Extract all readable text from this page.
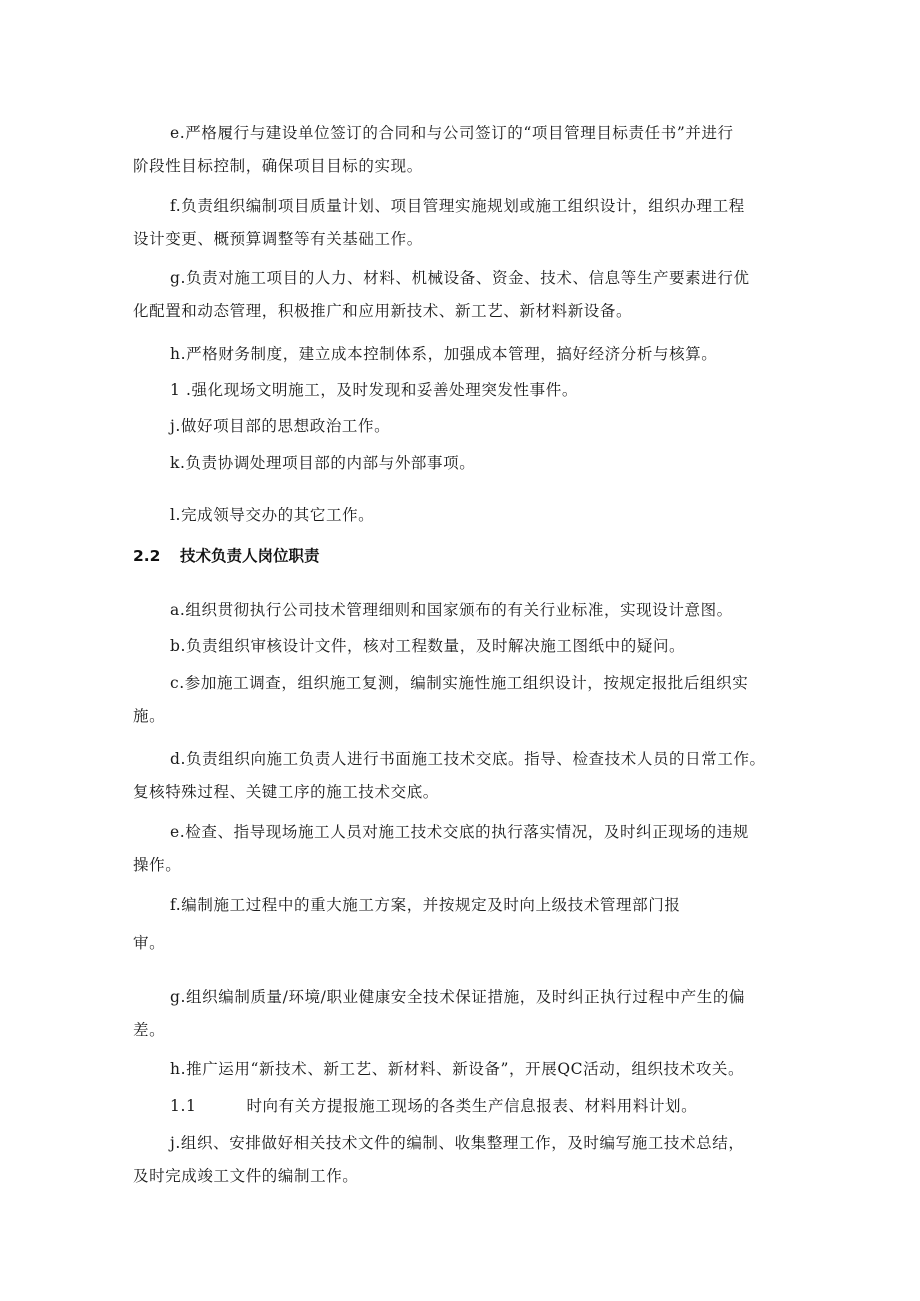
e.严格履行与建设单位签订的合同和与公司签订的“项目管理目标责任书”并进行
阶段性目标控制，确保项目目标的实现。
f.负责组织编制项目质量计划、项目管理实施规划或施工组织设计，组织办理工程
设计变更、概预算调整等有关基础工作。
g.负责对施工项目的人力、材料、机械设备、资金、技术、信息等生产要素进行优
化配置和动态管理，积极推广和应用新技术、新工艺、新材料新设备。
h.严格财务制度，建立成本控制体系，加强成本管理，搞好经济分析与核算。
1 .强化现场文明施工，及时发现和妥善处理突发性事件。
j.做好项目部的思想政治工作。
k.负责协调处理项目部的内部与外部事项。
l.完成领导交办的其它工作。
2.2 技术负责人岗位职责
a.组织贯彻执行公司技术管理细则和国家颁布的有关行业标准，实现设计意图。
b.负责组织审核设计文件，核对工程数量，及时解决施工图纸中的疑问。
c.参加施工调查，组织施工复测，编制实施性施工组织设计，按规定报批后组织实
施。
d.负责组织向施工负责人进行书面施工技术交底。指导、检查技术人员的日常工作。
复核特殊过程、关键工序的施工技术交底。
e.检查、指导现场施工人员对施工技术交底的执行落实情况，及时纠正现场的违规
操作。
f.编制施工过程中的重大施工方案，并按规定及时向上级技术管理部门报
审。
g.组织编制质量/环境/职业健康安全技术保证措施，及时纠正执行过程中产生的偏
差。
h.推广运用“新技术、新工艺、新材料、新设备”，开展QC活动，组织技术攻关。
1.1	时向有关方提报施工现场的各类生产信息报表、材料用料计划。
j.组织、安排做好相关技术文件的编制、收集整理工作，及时编写施工技术总结，
及时完成竣工文件的编制工作。
